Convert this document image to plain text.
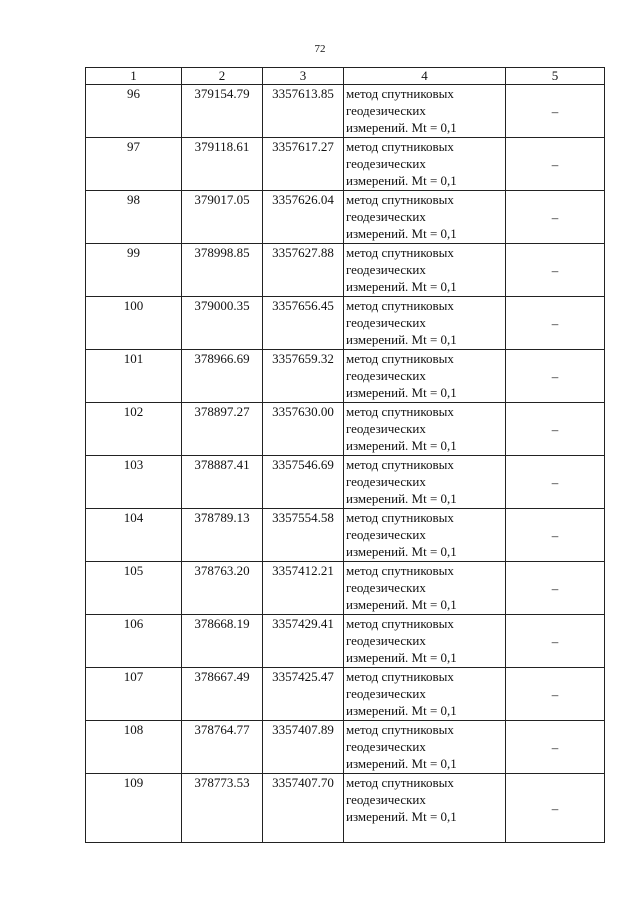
72
1	2	3	4	5
96	379154.79	3357613.85	метод спутниковых
геодезических
измерений. Mt = 0,1	–
97	379118.61	3357617.27	метод спутниковых
геодезических
измерений. Mt = 0,1	–
98	379017.05	3357626.04	метод спутниковых
геодезических
измерений. Mt = 0,1	–
99	378998.85	3357627.88	метод спутниковых
геодезических
измерений. Mt = 0,1	–
100	379000.35	3357656.45	метод спутниковых
геодезических
измерений. Mt = 0,1	–
101	378966.69	3357659.32	метод спутниковых
геодезических
измерений. Mt = 0,1	–
102	378897.27	3357630.00	метод спутниковых
геодезических
измерений. Mt = 0,1	–
103	378887.41	3357546.69	метод спутниковых
геодезических
измерений. Mt = 0,1	–
104	378789.13	3357554.58	метод спутниковых
геодезических
измерений. Mt = 0,1	–
105	378763.20	3357412.21	метод спутниковых
геодезических
измерений. Mt = 0,1	–
106	378668.19	3357429.41	метод спутниковых
геодезических
измерений. Mt = 0,1	–
107	378667.49	3357425.47	метод спутниковых
геодезических
измерений. Mt = 0,1	–
108	378764.77	3357407.89	метод спутниковых
геодезических
измерений. Mt = 0,1	–
109	378773.53	3357407.70	метод спутниковых
геодезических
измерений. Mt = 0,1	–
